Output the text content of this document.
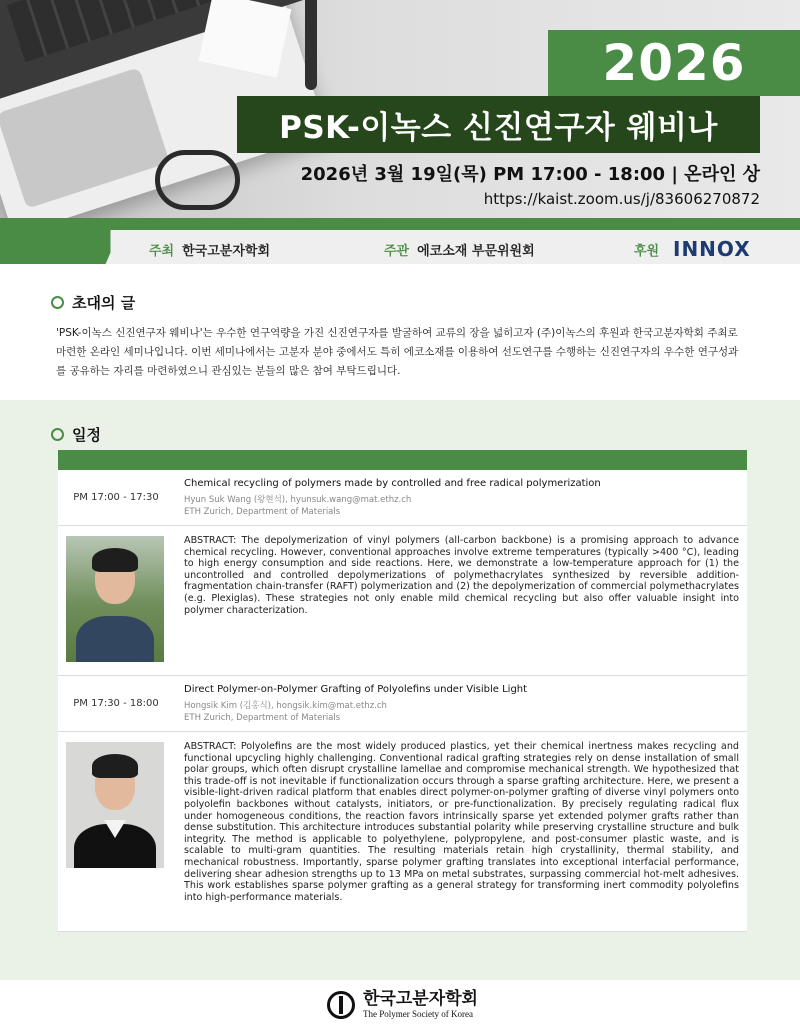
2026
PSK-이녹스 신진연구자 웨비나
2026년 3월 19일(목) PM 17:00 - 18:00 | 온라인 상
https://kaist.zoom.us/j/83606270872
주최 한국고분자학회	주관 에코소재 부문위원회	후원 INNOX
초대의 글
'PSK-이녹스 신진연구자 웨비나'는 우수한 연구역량을 가진 신진연구자를 발굴하여 교류의 장을 넓히고자 (주)이녹스의 후원과 한국고분자학회 주최로 마련한 온라인 세미나입니다. 이번 세미나에서는 고분자 분야 중에서도 특히 에코소재를 이용하여 선도연구를 수행하는 신진연구자의 우수한 연구성과를 공유하는 자리를 마련하였으니 관심있는 분들의 많은 참여 부탁드립니다.
일정
PM 17:00 - 17:30
Chemical recycling of polymers made by controlled and free radical polymerization
Hyun Suk Wang (왕현석), hyunsuk.wang@mat.ethz.ch
ETH Zurich, Department of Materials
ABSTRACT: The depolymerization of vinyl polymers (all-carbon backbone) is a promising approach to advance chemical recycling. However, conventional approaches involve extreme temperatures (typically >400 °C), leading to high energy consumption and side reactions. Here, we demonstrate a low-temperature approach for (1) the uncontrolled and controlled depolymerizations of polymethacrylates synthesized by reversible addition-fragmentation chain-transfer (RAFT) polymerization and (2) the depolymerization of commercial polymethacrylates (e.g. Plexiglas). These strategies not only enable mild chemical recycling but also offer valuable insight into polymer characterization.
PM 17:30 - 18:00
Direct Polymer-on-Polymer Grafting of Polyolefins under Visible Light
Hongsik Kim (김홍식), hongsik.kim@mat.ethz.ch
ETH Zurich, Department of Materials
ABSTRACT: Polyolefins are the most widely produced plastics, yet their chemical inertness makes recycling and functional upcycling highly challenging. Conventional radical grafting strategies rely on dense installation of small polar groups, which often disrupt crystalline lamellae and compromise mechanical strength. We hypothesized that this trade-off is not inevitable if functionalization occurs through a sparse grafting architecture. Here, we present a visible-light-driven radical platform that enables direct polymer-on-polymer grafting of diverse vinyl polymers onto polyolefin backbones without catalysts, initiators, or pre-functionalization. By precisely regulating radical flux under homogeneous conditions, the reaction favors intrinsically sparse yet extended polymer grafts rather than dense substitution. This architecture introduces substantial polarity while preserving crystalline structure and bulk integrity. The method is applicable to polyethylene, polypropylene, and post-consumer plastic waste, and is scalable to multi-gram quantities. The resulting materials retain high crystallinity, thermal stability, and mechanical robustness. Importantly, sparse polymer grafting translates into exceptional interfacial performance, delivering shear adhesion strengths up to 13 MPa on metal substrates, surpassing commercial hot-melt adhesives. This work establishes sparse polymer grafting as a general strategy for transforming inert commodity polyolefins into high-performance materials.
한국고분자학회
The Polymer Society of Korea
